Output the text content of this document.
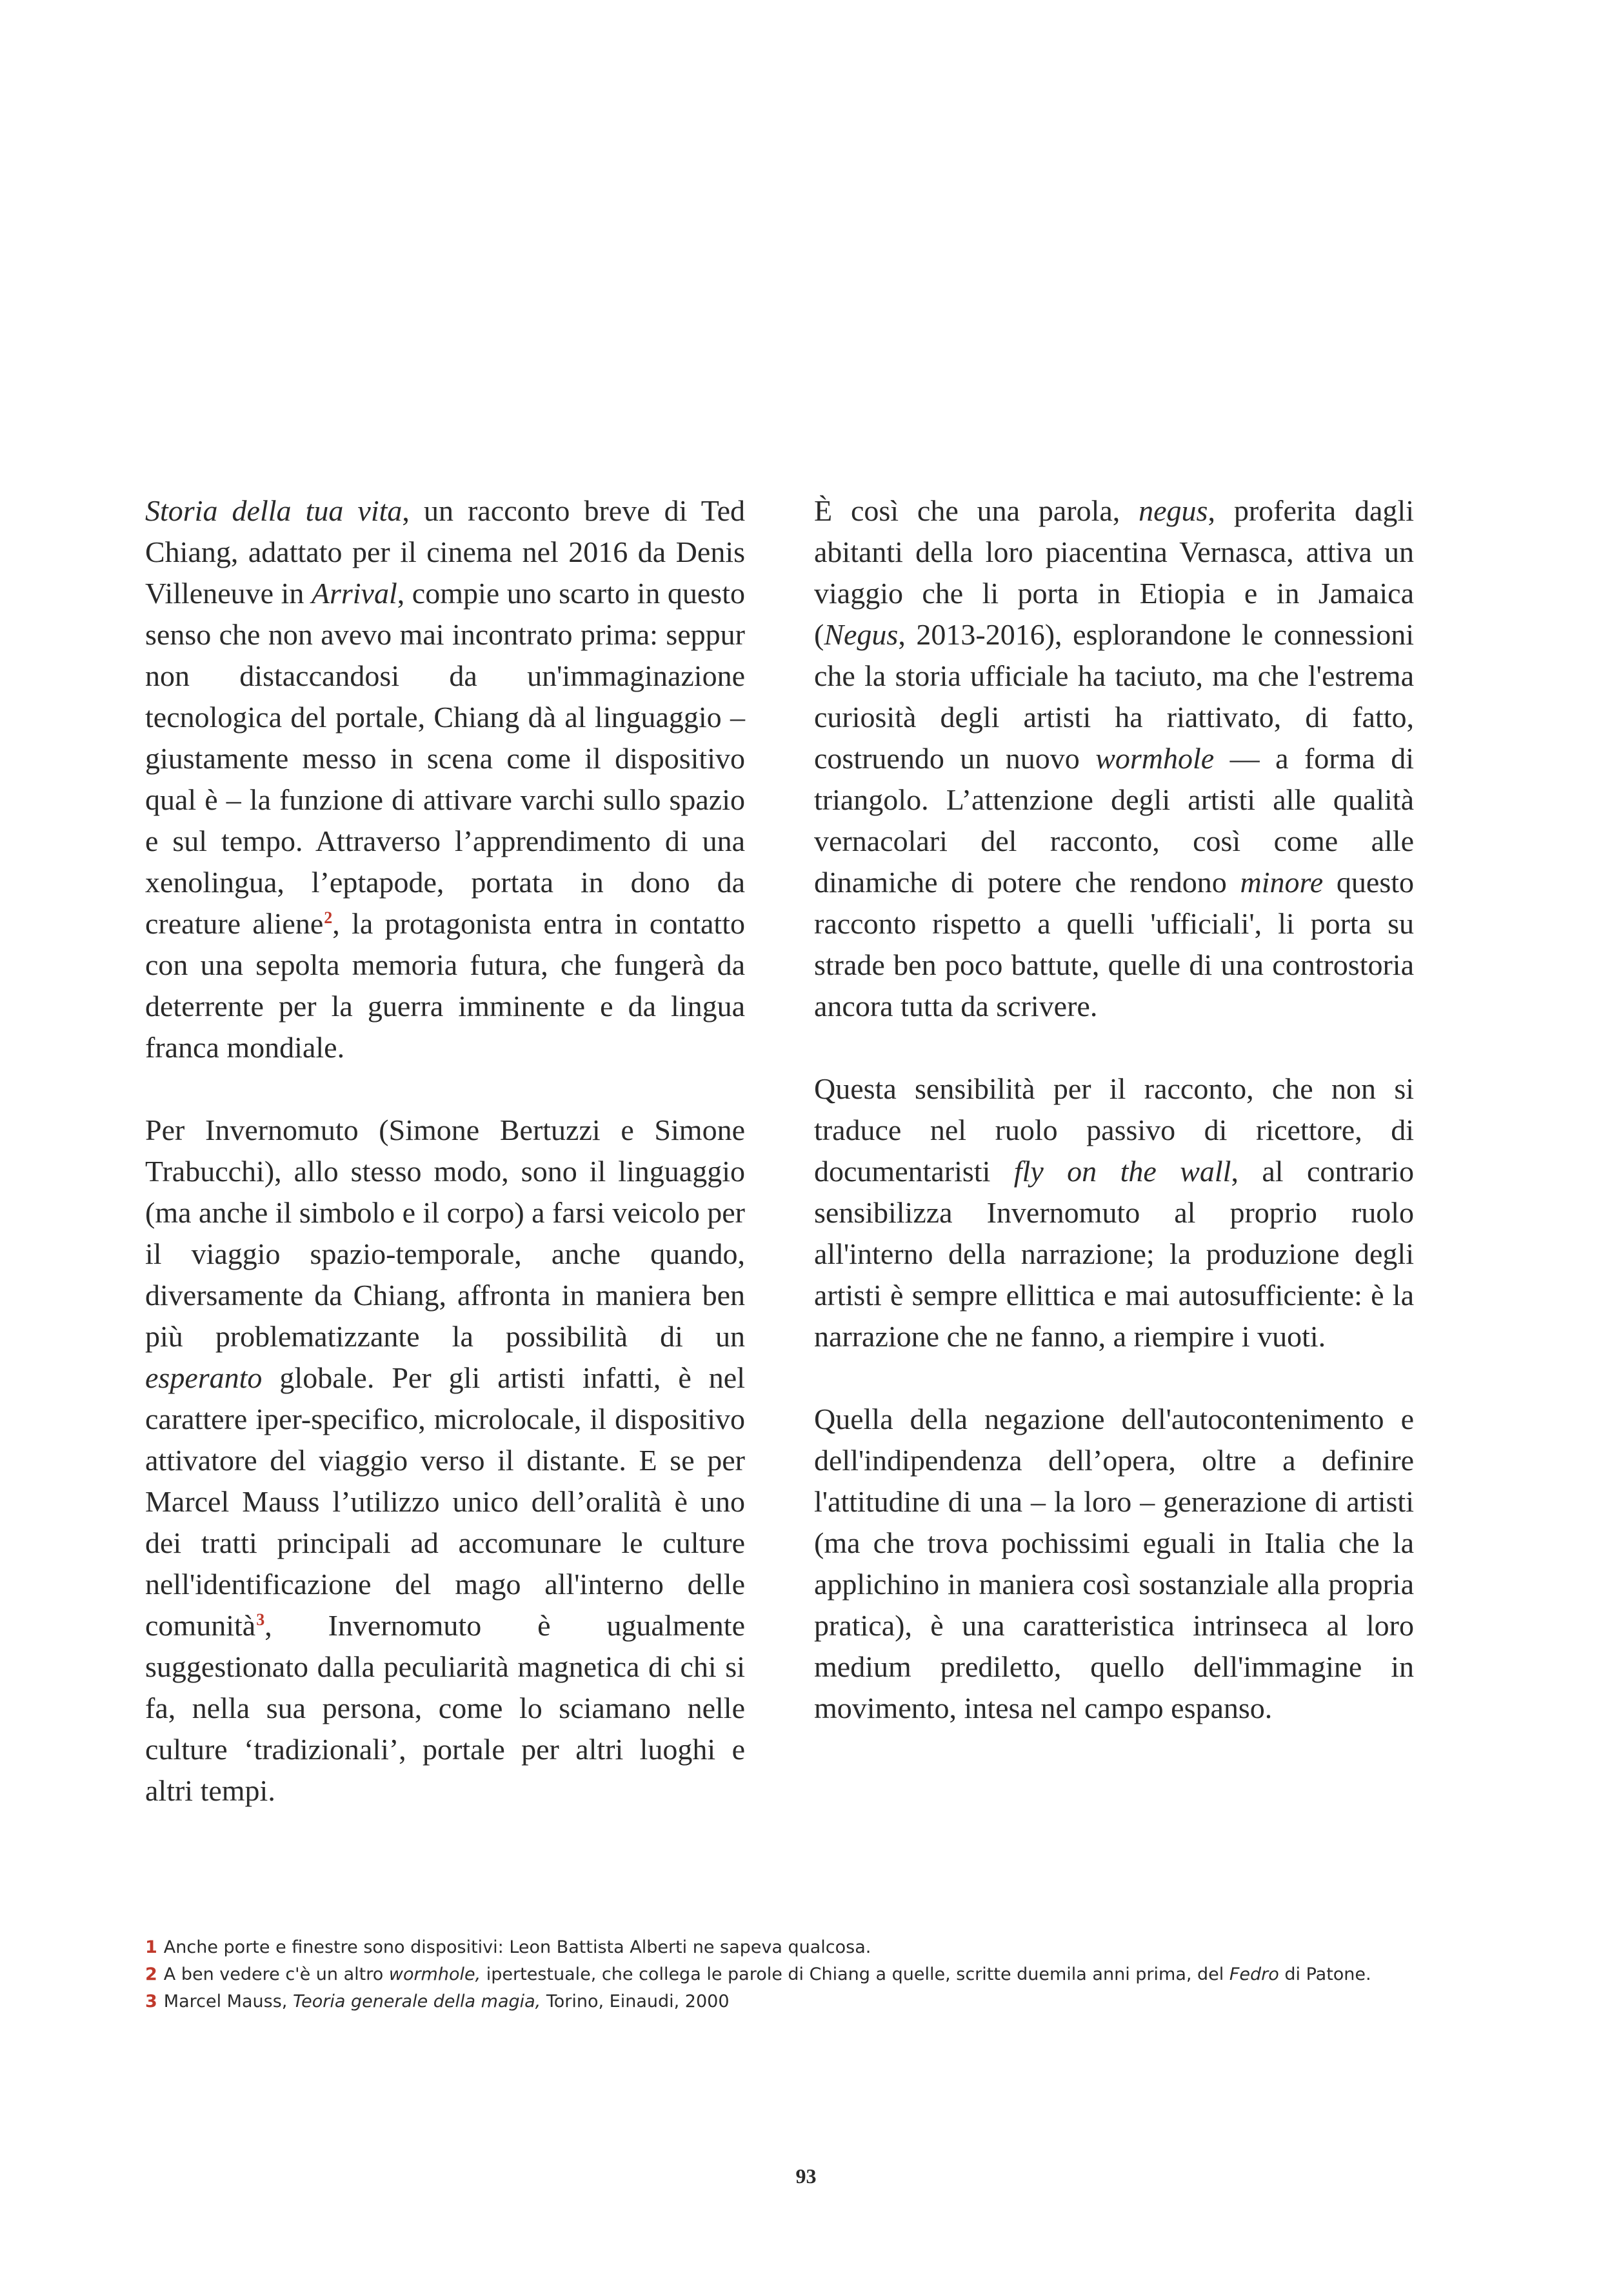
Storia della tua vita, un racconto breve di Ted Chiang, adattato per il cinema nel 2016 da Denis Villeneuve in Arrival, compie uno scarto in questo senso che non avevo mai incontrato prima: seppur non distaccandosi da un'immaginazione tecnologica del portale, Chiang dà al linguaggio – giustamente messo in scena come il dispositivo qual è – la funzione di attivare varchi sullo spazio e sul tempo. Attraverso l’apprendimento di una xenolingua, l’eptapode, portata in dono da creature aliene$^2$, la protagonista entra in contatto con una sepolta memoria futura, che fungerà da deterrente per la guerra imminente e da lingua franca mondiale.

Per Invernomuto (Simone Bertuzzi e Simone Trabucchi), allo stesso modo, sono il linguaggio (ma anche il simbolo e il corpo) a farsi veicolo per il viaggio spazio-temporale, anche quando, diversamente da Chiang, affronta in maniera ben più problematizzante la possibilità di un esperanto globale. Per gli artisti infatti, è nel carattere iper-specifico, microlocale, il dispositivo attivatore del viaggio verso il distante. E se per Marcel Mauss l’utilizzo unico dell’oralità è uno dei tratti principali ad accomunare le culture nell'identificazione del mago all'interno delle comunità$^3$, Invernomuto è ugualmente suggestionato dalla peculiarità magnetica di chi si fa, nella sua persona, come lo sciamano nelle culture ‘tradizionali’, portale per altri luoghi e altri tempi.

È così che una parola, negus, proferita dagli abitanti della loro piacentina Vernasca, attiva un viaggio che li porta in Etiopia e in Jamaica (Negus, 2013-2016), esplorandone le connessioni che la storia ufficiale ha taciuto, ma che l'estrema curiosità degli artisti ha riattivato, di fatto, costruendo un nuovo wormhole — a forma di triangolo. L’attenzione degli artisti alle qualità vernacolari del racconto, così come alle dinamiche di potere che rendono minore questo racconto rispetto a quelli 'ufficiali', li porta su strade ben poco battute, quelle di una controstoria ancora tutta da scrivere.

Questa sensibilità per il racconto, che non si traduce nel ruolo passivo di ricettore, di documentaristi fly on the wall, al contrario sensibilizza Invernomuto al proprio ruolo all'interno della narrazione; la produzione degli artisti è sempre ellittica e mai autosufficiente: è la narrazione che ne fanno, a riempire i vuoti.

Quella della negazione dell'autocontenimento e dell'indipendenza dell’opera, oltre a definire l'attitudine di una – la loro – generazione di artisti (ma che trova pochissimi eguali in Italia che la applichino in maniera così sostanziale alla propria pratica), è una caratteristica intrinseca al loro medium prediletto, quello dell'immagine in movimento, intesa nel campo espanso.

1 Anche porte e finestre sono dispositivi: Leon Battista Alberti ne sapeva qualcosa.
2 A ben vedere c'è un altro wormhole, ipertestuale, che collega le parole di Chiang a quelle, scritte duemila anni prima, del Fedro di Patone.
3 Marcel Mauss, Teoria generale della magia, Torino, Einaudi, 2000
93
